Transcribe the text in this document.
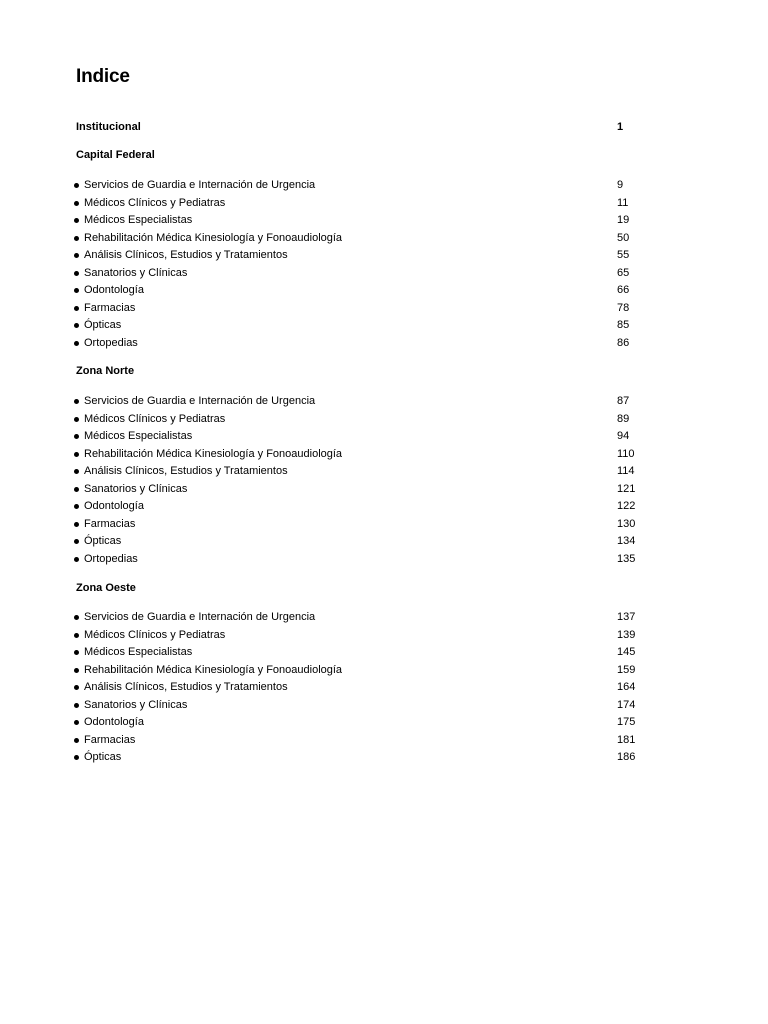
Indice
Institucional	1
Capital Federal
Servicios de Guardia e Internación de Urgencia	9
Médicos Clínicos y Pediatras	11
Médicos Especialistas	19
Rehabilitación Médica Kinesiología y Fonoaudiología	50
Análisis Clínicos, Estudios y Tratamientos	55
Sanatorios y Clínicas	65
Odontología	66
Farmacias	78
Ópticas	85
Ortopedias	86
Zona Norte
Servicios de Guardia e Internación de Urgencia	87
Médicos Clínicos y Pediatras	89
Médicos Especialistas	94
Rehabilitación Médica Kinesiología y Fonoaudiología	110
Análisis Clínicos, Estudios y Tratamientos	114
Sanatorios y Clínicas	121
Odontología	122
Farmacias	130
Ópticas	134
Ortopedias	135
Zona Oeste
Servicios de Guardia e Internación de Urgencia	137
Médicos Clínicos y Pediatras	139
Médicos Especialistas	145
Rehabilitación Médica Kinesiología y Fonoaudiología	159
Análisis Clínicos, Estudios y Tratamientos	164
Sanatorios y Clínicas	174
Odontología	175
Farmacias	181
Ópticas	186
